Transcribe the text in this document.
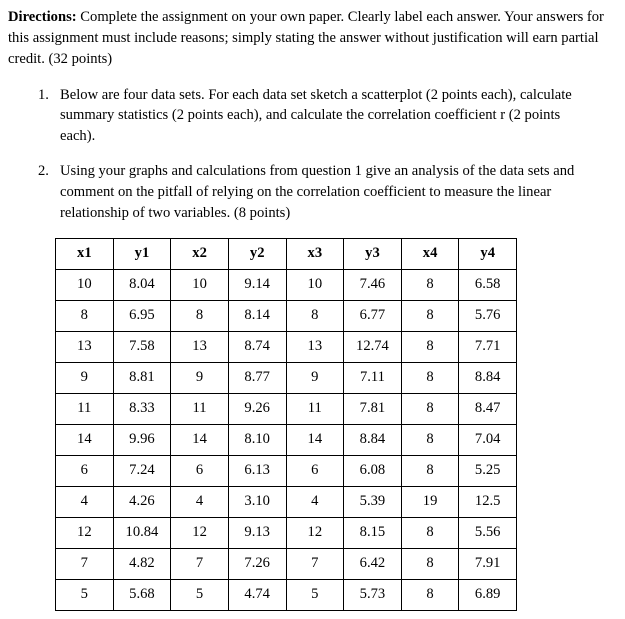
Directions: Complete the assignment on your own paper. Clearly label each answer. Your answers for this assignment must include reasons; simply stating the answer without justification will earn partial credit. (32 points)

1. Below are four data sets. For each data set sketch a scatterplot (2 points each), calculate summary statistics (2 points each), and calculate the correlation coefficient r (2 points each).
2. Using your graphs and calculations from question 1 give an analysis of the data sets and comment on the pitfall of relying on the correlation coefficient to measure the linear relationship of two variables. (8 points)
x1	y1	x2	y2	x3	y3	x4	y4
10	8.04	10	9.14	10	7.46	8	6.58
8	6.95	8	8.14	8	6.77	8	5.76
13	7.58	13	8.74	13	12.74	8	7.71
9	8.81	9	8.77	9	7.11	8	8.84
11	8.33	11	9.26	11	7.81	8	8.47
14	9.96	14	8.10	14	8.84	8	7.04
6	7.24	6	6.13	6	6.08	8	5.25
4	4.26	4	3.10	4	5.39	19	12.5
12	10.84	12	9.13	12	8.15	8	5.56
7	4.82	7	7.26	7	6.42	8	7.91
5	5.68	5	4.74	5	5.73	8	6.89
